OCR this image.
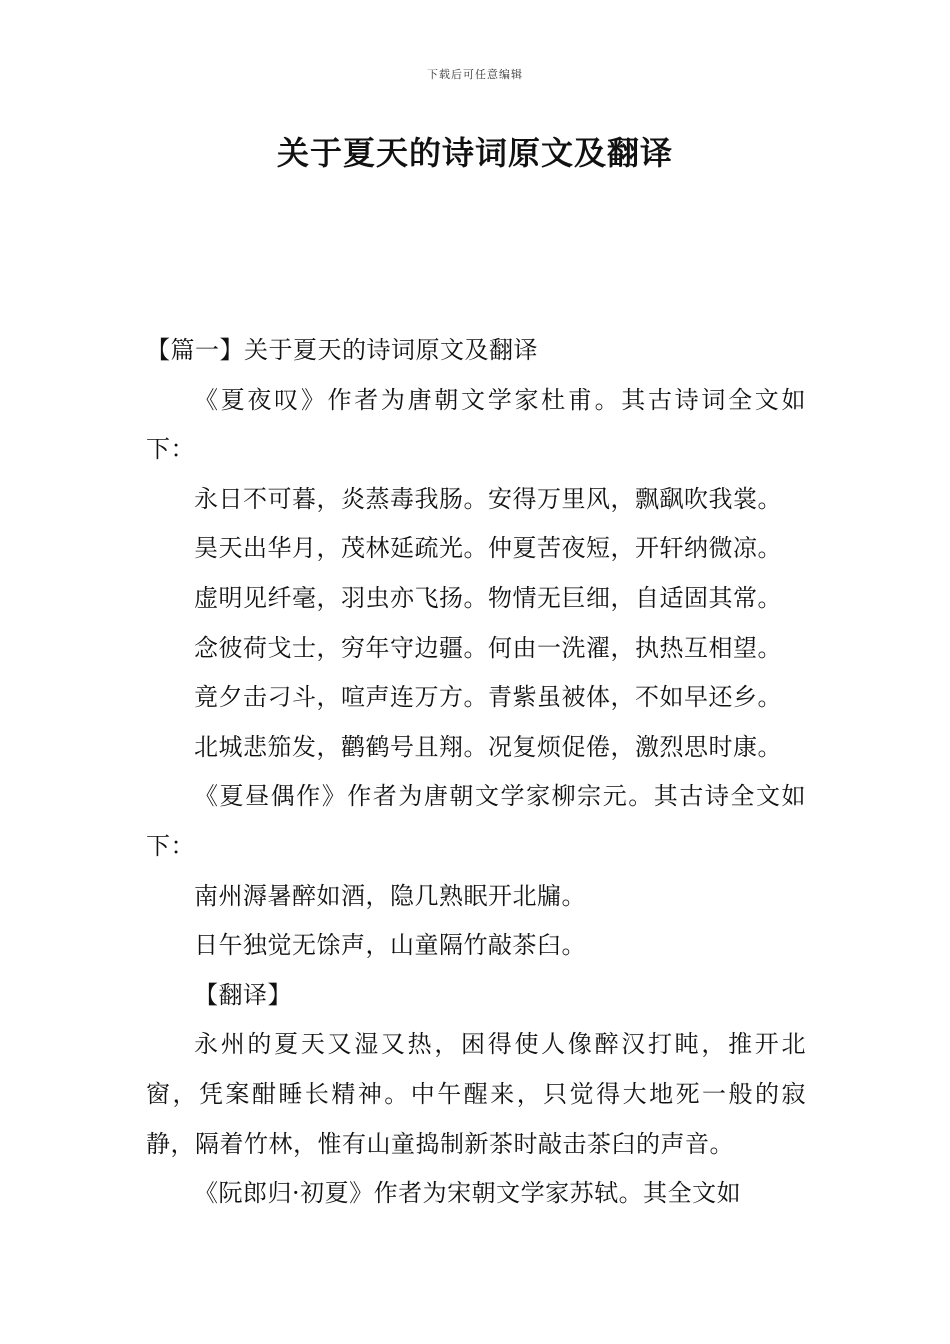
下载后可任意编辑
关于夏天的诗词原文及翻译

【篇一】关于夏天的诗词原文及翻译

《夏夜叹》作者为唐朝文学家杜甫。其古诗词全文如下：

永日不可暮，炎蒸毒我肠。安得万里风，飘飖吹我裳。

昊天出华月，茂林延疏光。仲夏苦夜短，开轩纳微凉。

虚明见纤毫，羽虫亦飞扬。物情无巨细，自适固其常。

念彼荷戈士，穷年守边疆。何由一洗濯，执热互相望。

竟夕击刁斗，喧声连万方。青紫虽被体，不如早还乡。

北城悲笳发，鹳鹤号且翔。况复烦促倦，激烈思时康。

《夏昼偶作》作者为唐朝文学家柳宗元。其古诗全文如下：

南州溽暑醉如酒，隐几熟眠开北牖。

日午独觉无馀声，山童隔竹敲茶臼。

【翻译】

永州的夏天又湿又热，困得使人像醉汉打盹，推开北窗，凭案酣睡长精神。中午醒来，只觉得大地死一般的寂静，隔着竹林，惟有山童捣制新茶时敲击茶臼的声音。

《阮郎归·初夏》作者为宋朝文学家苏轼。其全文如
